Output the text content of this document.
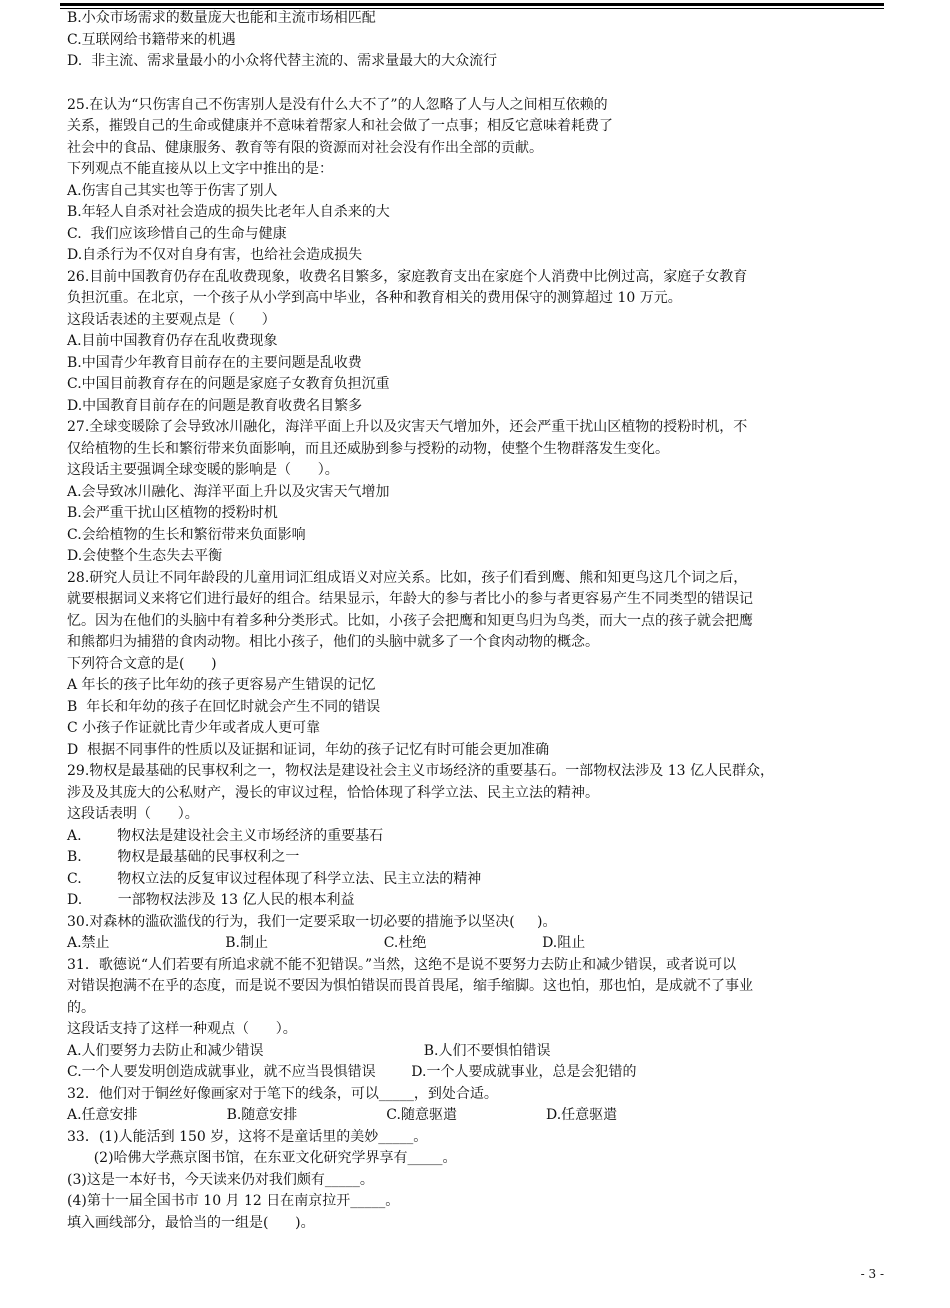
B.小众市场需求的数量庞大也能和主流市场相匹配
C.互联网给书籍带来的机遇
D.  非主流、需求量最小的小众将代替主流的、需求量最大的大众流行
25.在认为“只伤害自己不伤害别人是没有什么大不了”的人忽略了人与人之间相互依赖的
关系，摧毁自己的生命或健康并不意味着帮家人和社会做了一点事；相反它意味着耗费了
社会中的食品、健康服务、教育等有限的资源而对社会没有作出全部的贡献。
下列观点不能直接从以上文字中推出的是：
A.伤害自己其实也等于伤害了别人
B.年轻人自杀对社会造成的损失比老年人自杀来的大
C.  我们应该珍惜自己的生命与健康
D.自杀行为不仅对自身有害，也给社会造成损失
26.目前中国教育仍存在乱收费现象，收费名目繁多，家庭教育支出在家庭个人消费中比例过高，家庭子女教育
负担沉重。在北京，一个孩子从小学到高中毕业，各种和教育相关的费用保守的测算超过 10 万元。
这段话表述的主要观点是（      ）
A.目前中国教育仍存在乱收费现象
B.中国青少年教育目前存在的主要问题是乱收费
C.中国目前教育存在的问题是家庭子女教育负担沉重
D.中国教育目前存在的问题是教育收费名目繁多
27.全球变暖除了会导致冰川融化，海洋平面上升以及灾害天气增加外，还会严重干扰山区植物的授粉时机，不
仅给植物的生长和繁衍带来负面影响，而且还威胁到参与授粉的动物，使整个生物群落发生变化。
这段话主要强调全球变暖的影响是（      ）。
A.会导致冰川融化、海洋平面上升以及灾害天气增加
B.会严重干扰山区植物的授粉时机
C.会给植物的生长和繁衍带来负面影响
D.会使整个生态失去平衡
28.研究人员让不同年龄段的儿童用词汇组成语义对应关系。比如，孩子们看到鹰、熊和知更鸟这几个词之后，
就要根据词义来将它们进行最好的组合。结果显示，年龄大的参与者比小的参与者更容易产生不同类型的错误记
忆。因为在他们的头脑中有着多种分类形式。比如，小孩子会把鹰和知更鸟归为鸟类，而大一点的孩子就会把鹰
和熊都归为捕猎的食肉动物。相比小孩子，他们的头脑中就多了一个食肉动物的概念。
下列符合文意的是(      )
A 年长的孩子比年幼的孩子更容易产生错误的记忆
B  年长和年幼的孩子在回忆时就会产生不同的错误
C 小孩子作证就比青少年或者成人更可靠
D  根据不同事件的性质以及证据和证词，年幼的孩子记忆有时可能会更加准确
29.物权是最基础的民事权利之一，物权法是建设社会主义市场经济的重要基石。一部物权法涉及 13 亿人民群众，
涉及及其庞大的公私财产，漫长的审议过程，恰恰体现了科学立法、民主立法的精神。
这段话表明（      ）。
A.        物权法是建设社会主义市场经济的重要基石
B.        物权是最基础的民事权利之一
C.        物权立法的反复审议过程体现了科学立法、民主立法的精神
D.        一部物权法涉及 13 亿人民的根本利益
30.对森林的滥砍滥伐的行为，我们一定要采取一切必要的措施予以坚决(     )。
A.禁止                          B.制止                          C.杜绝                          D.阻止
31．歌德说“人们若要有所追求就不能不犯错误。”当然，这绝不是说不要努力去防止和减少错误，或者说可以
对错误抱满不在乎的态度，而是说不要因为惧怕错误而畏首畏尾，缩手缩脚。这也怕，那也怕，是成就不了事业
的。
这段话支持了这样一种观点（      ）。
A.人们要努力去防止和减少错误                                    B.人们不要惧怕错误
C.一个人要发明创造成就事业，就不应当畏惧错误        D.一个人要成就事业，总是会犯错的
32．他们对于铜丝好像画家对于笔下的线条，可以_____，到处合适。
A.任意安排                    B.随意安排                    C.随意驱遣                    D.任意驱遣
33．(1)人能活到 150 岁，这将不是童话里的美妙_____。
(2)哈佛大学燕京图书馆，在东亚文化研究学界享有_____。
(3)这是一本好书，今天读来仍对我们颇有_____。
(4)第十一届全国书市 10 月 12 日在南京拉开_____。
填入画线部分，最恰当的一组是(      )。
- 3 -
